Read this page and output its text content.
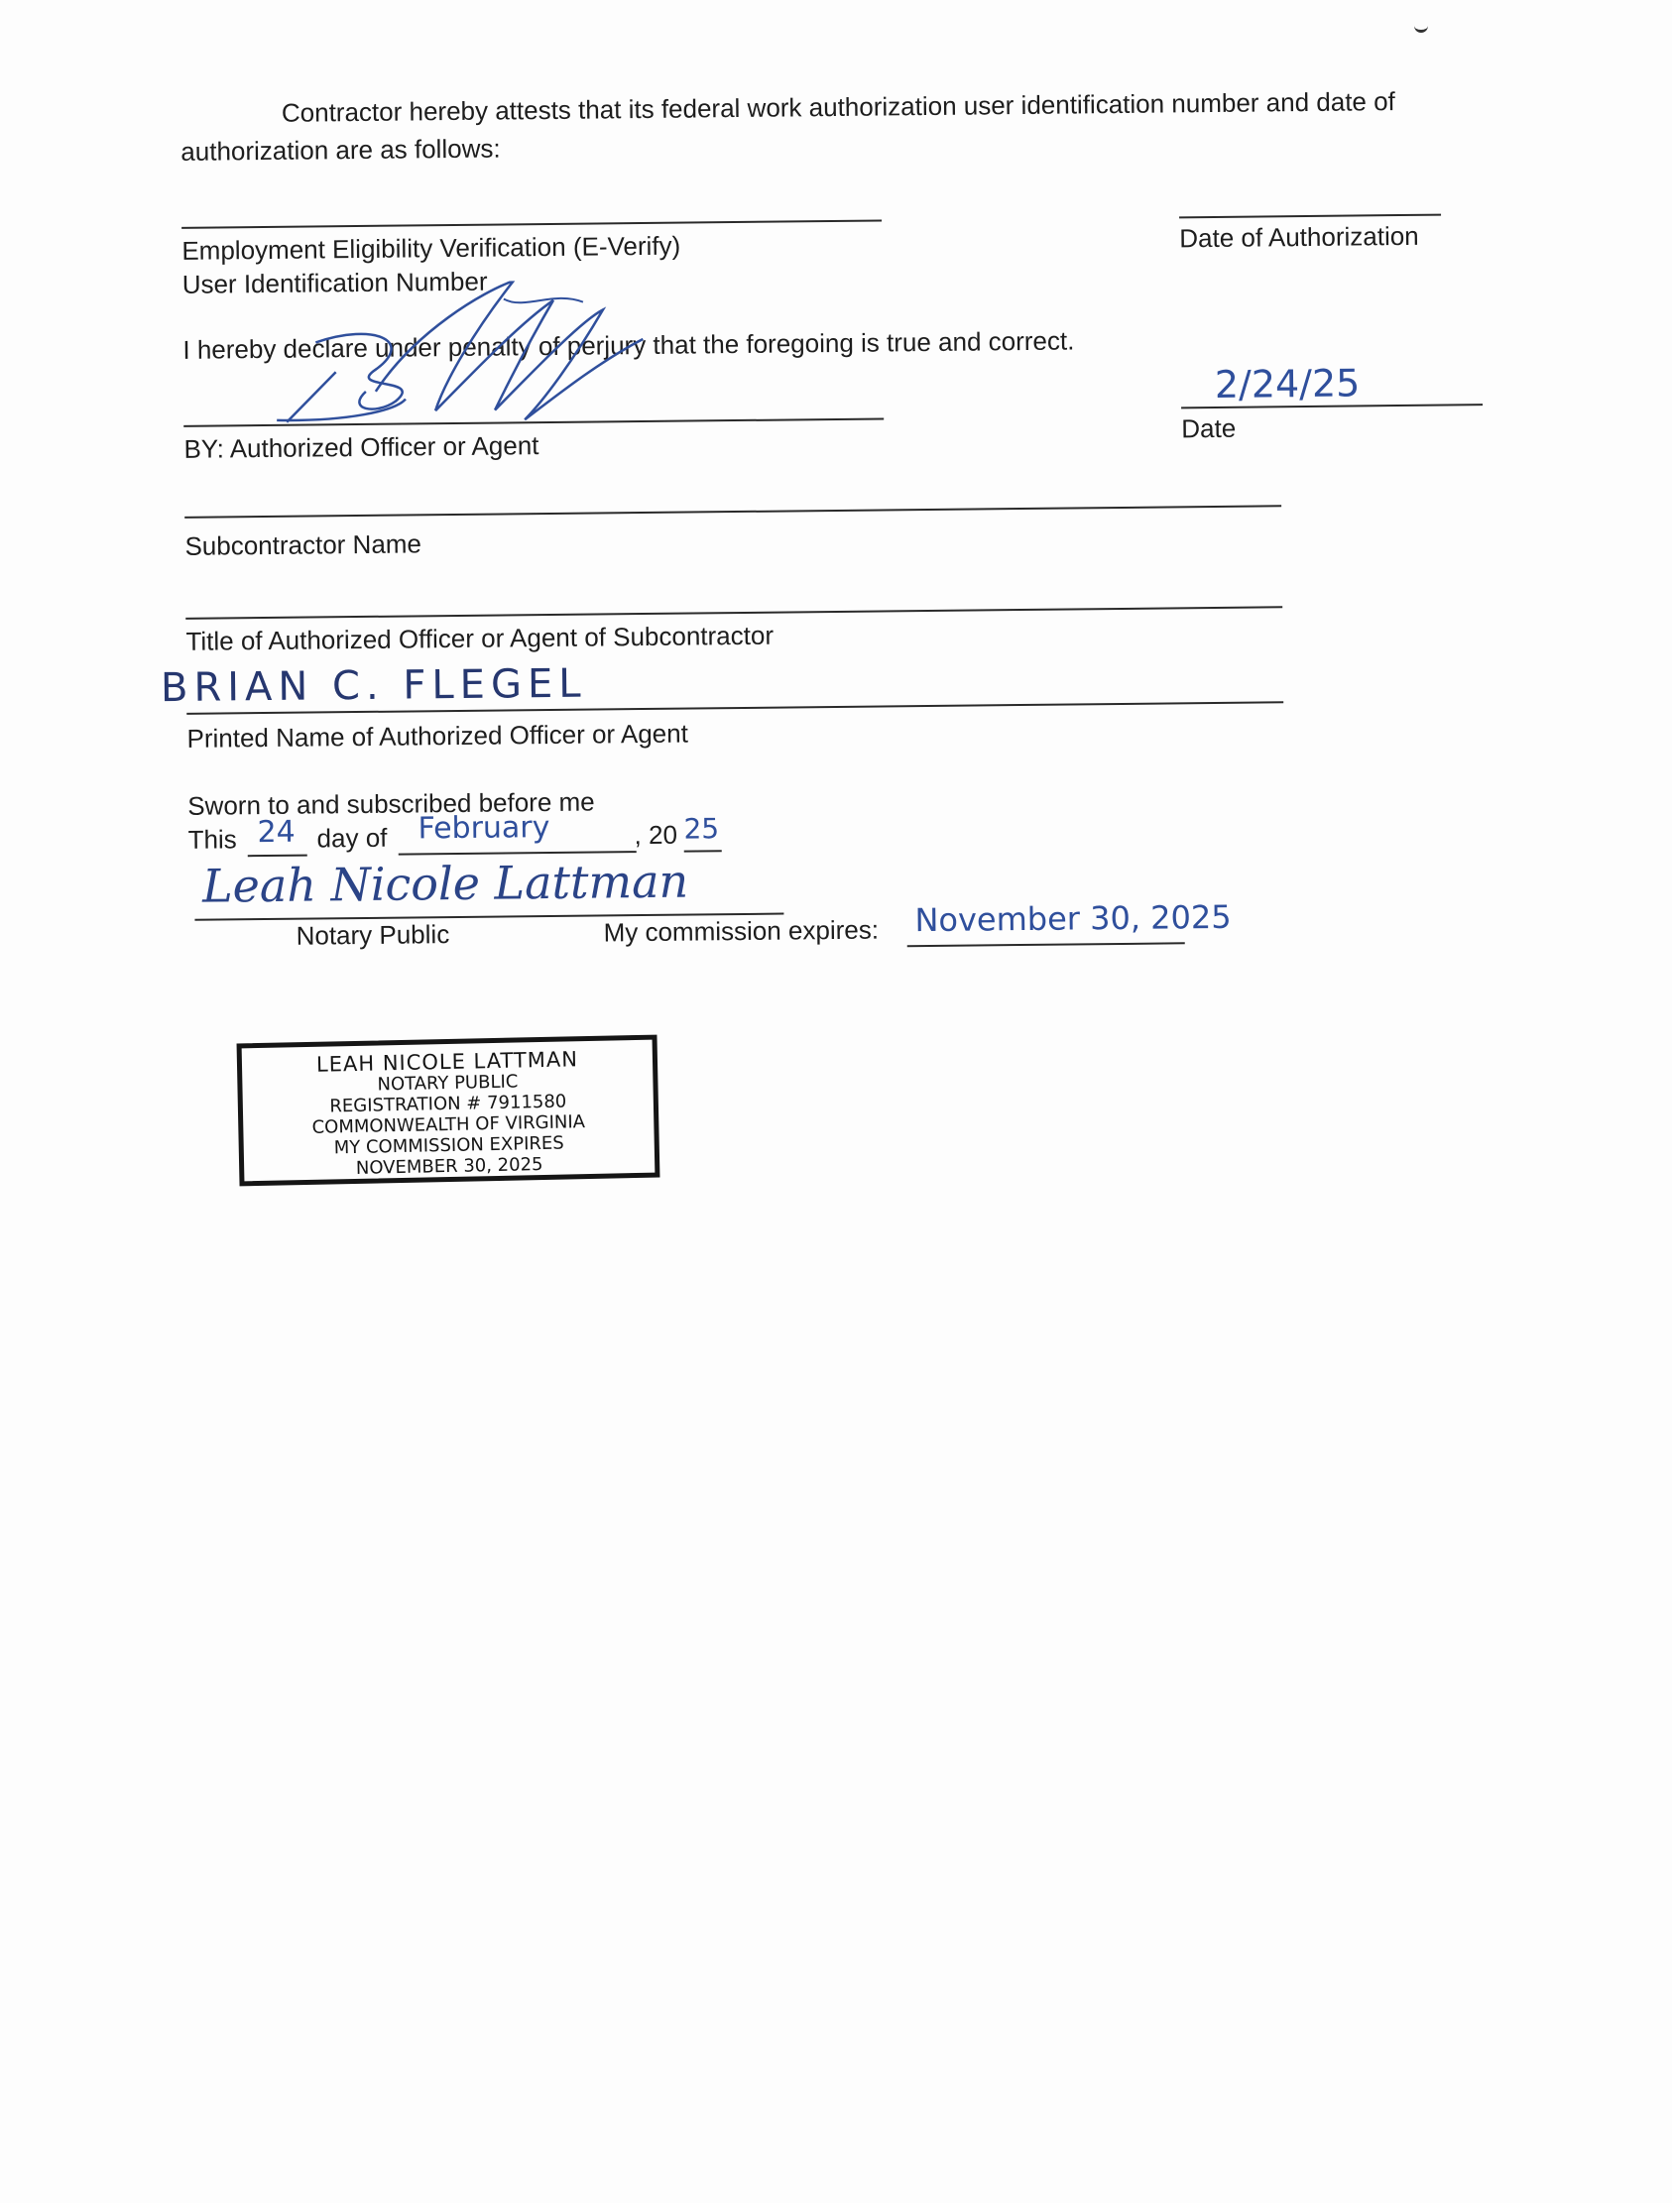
Contractor hereby attests that its federal work authorization user identification number and date of

authorization are as follows:

Employment Eligibility Verification (E-Verify)

User Identification Number

Date of Authorization

I hereby declare under penalty of perjury that the foregoing is true and correct.

BY: Authorized Officer or Agent

2/24/25

Date

Subcontractor Name

Title of Authorized Officer or Agent of Subcontractor

BRIAN C. FLEGEL

Printed Name of Authorized Officer or Agent

Sworn to and subscribed before me

This 24 day of February	, 20 25
Leah Nicole Lattman

Notary Public	My commission expires: November 30, 2025
LEAH NICOLE LATTMAN
NOTARY PUBLIC
REGISTRATION # 7911580
COMMONWEALTH OF VIRGINIA
MY COMMISSION EXPIRES
NOVEMBER 30, 2025
